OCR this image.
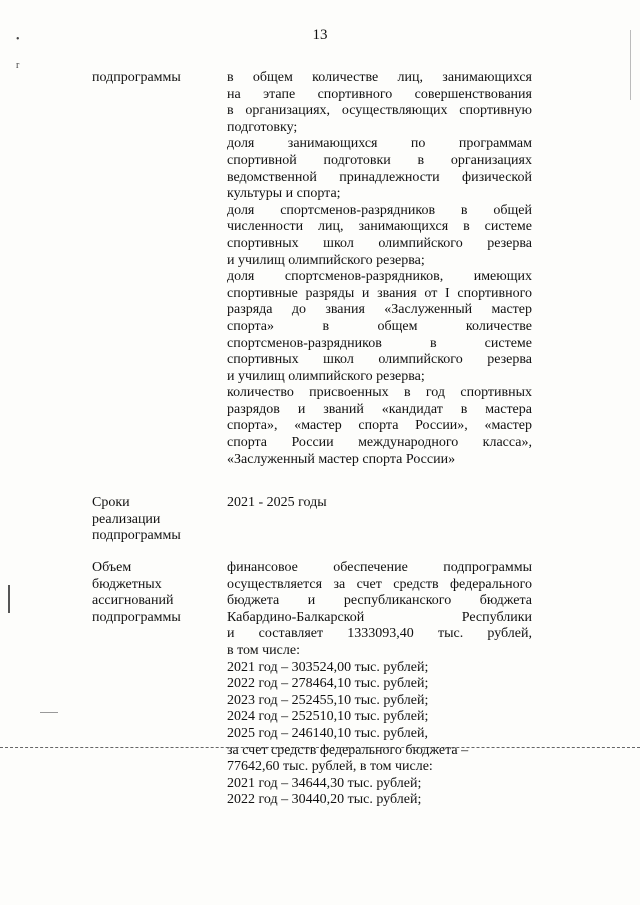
13
•
r
подпрограммы	в общем количестве лиц, занимающихся
на этапе спортивного совершенствования
в организациях, осуществляющих спортивную
подготовку;
доля занимающихся по программам
спортивной подготовки в организациях
ведомственной принадлежности физической
культуры и спорта;
доля спортсменов-разрядников в общей
численности лиц, занимающихся в системе
спортивных школ олимпийского резерва
и училищ олимпийского резерва;
доля спортсменов-разрядников, имеющих
спортивные разряды и звания от I спортивного
разряда до звания «Заслуженный мастер
спорта» в общем количестве
спортсменов-разрядников в системе
спортивных школ олимпийского резерва
и училищ олимпийского резерва;
количество присвоенных в год спортивных
разрядов и званий «кандидат в мастера
спорта», «мастер спорта России», «мастер
спорта России международного класса»,
«Заслуженный мастер спорта России»
Сроки
реализации
подпрограммы
2021 - 2025 годы
Объем
бюджетных
ассигнований
подпрограммы
финансовое обеспечение подпрограммы
осуществляется за счет средств федерального
бюджета и республиканского бюджета
Кабардино-Балкарской Республики
и составляет 1333093,40 тыс. рублей,
в том числе:
2021 год – 303524,00 тыс. рублей;
2022 год – 278464,10 тыс. рублей;
2023 год – 252455,10 тыс. рублей;
2024 год – 252510,10 тыс. рублей;
2025 год – 246140,10 тыс. рублей,
за счет средств федерального бюджета –
77642,60 тыс. рублей, в том числе:
2021 год – 34644,30 тыс. рублей;
2022 год – 30440,20 тыс. рублей;
